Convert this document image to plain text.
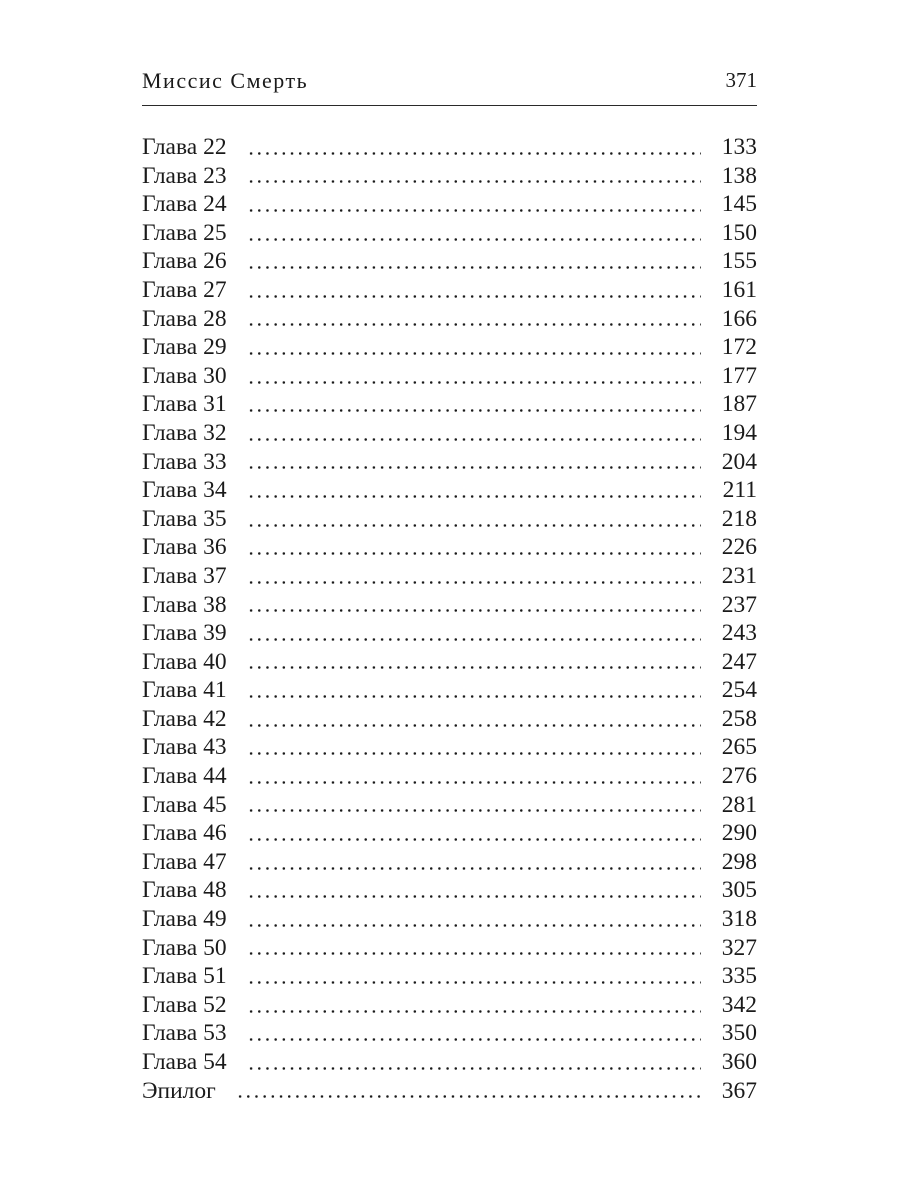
Миссис Смерть	371
Глава 22	133
Глава 23	138
Глава 24	145
Глава 25	150
Глава 26	155
Глава 27	161
Глава 28	166
Глава 29	172
Глава 30	177
Глава 31	187
Глава 32	194
Глава 33	204
Глава 34	211
Глава 35	218
Глава 36	226
Глава 37	231
Глава 38	237
Глава 39	243
Глава 40	247
Глава 41	254
Глава 42	258
Глава 43	265
Глава 44	276
Глава 45	281
Глава 46	290
Глава 47	298
Глава 48	305
Глава 49	318
Глава 50	327
Глава 51	335
Глава 52	342
Глава 53	350
Глава 54	360
Эпилог	367
